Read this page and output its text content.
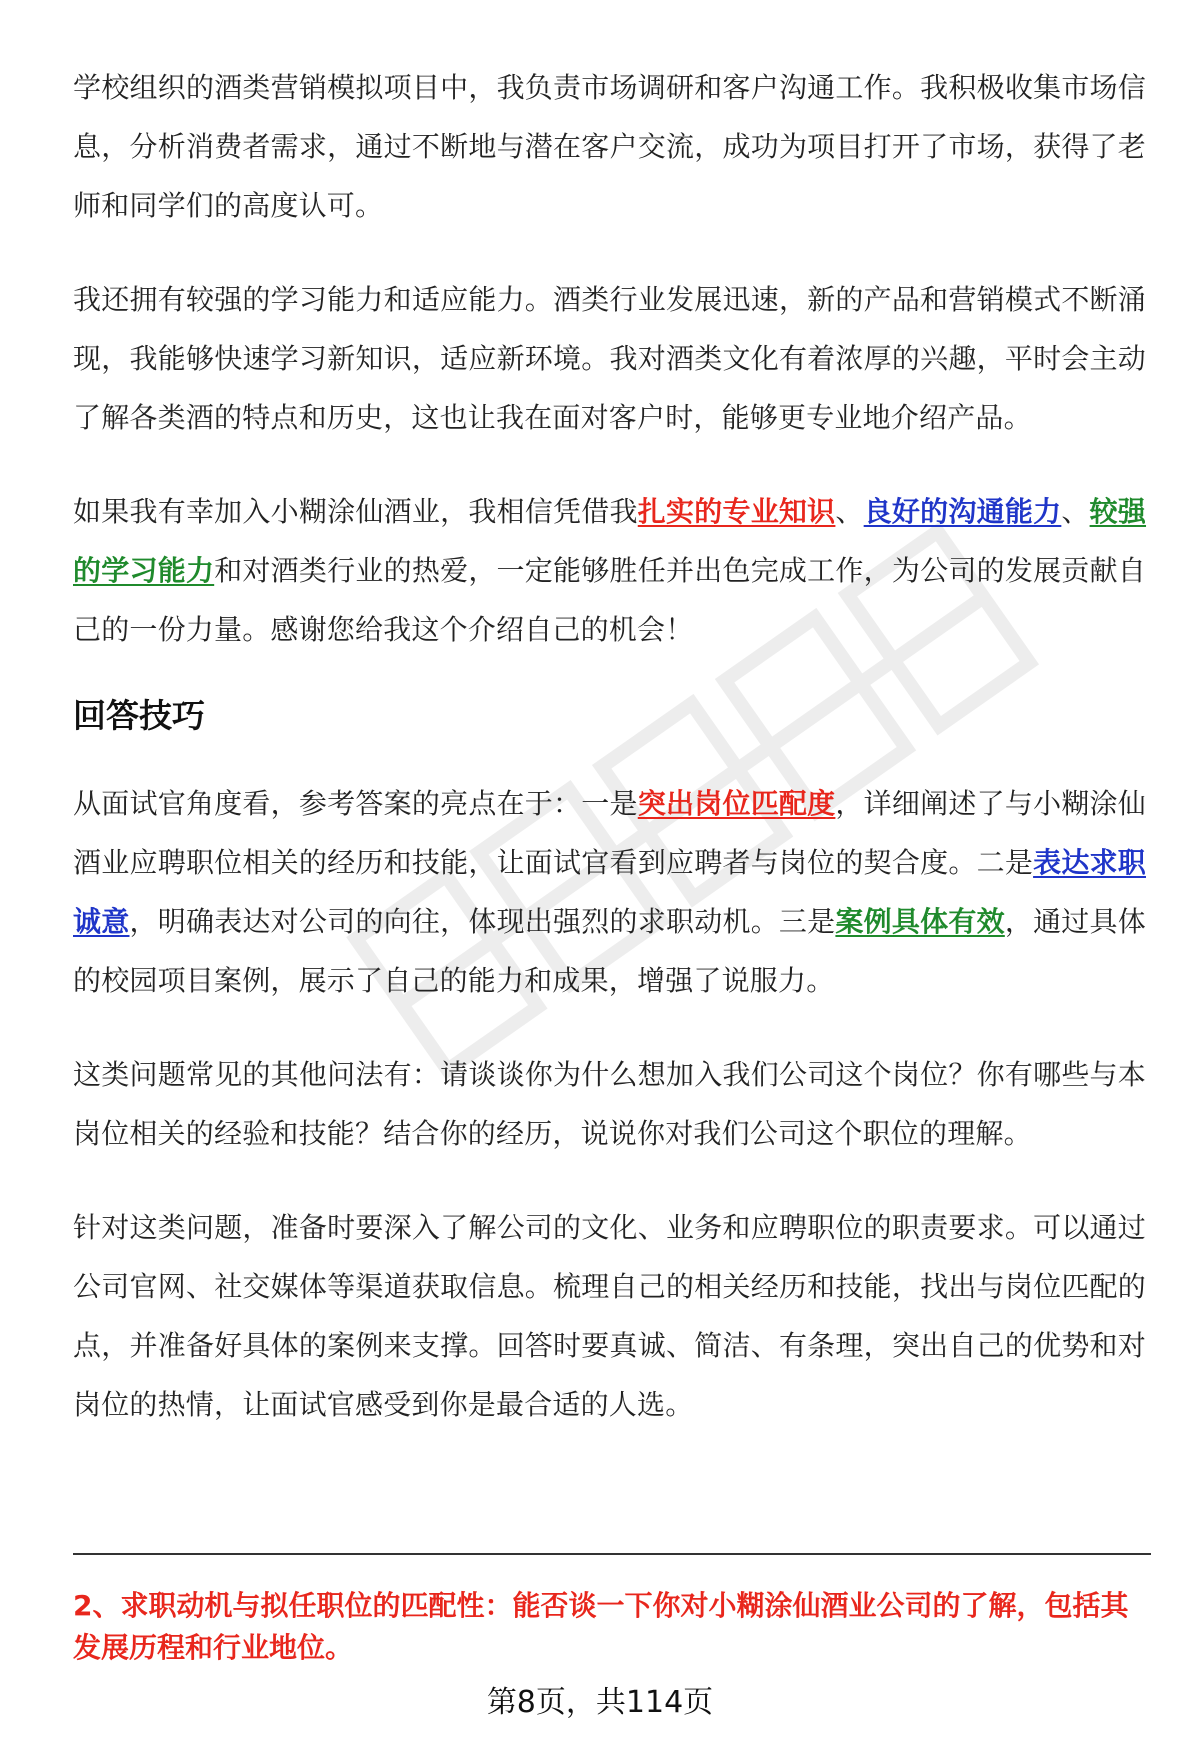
学校组织的酒类营销模拟项目中，我负责市场调研和客户沟通工作。我积极收集市场信息，分析消费者需求，通过不断地与潜在客户交流，成功为项目打开了市场，获得了老师和同学们的高度认可。

我还拥有较强的学习能力和适应能力。酒类行业发展迅速，新的产品和营销模式不断涌现，我能够快速学习新知识，适应新环境。我对酒类文化有着浓厚的兴趣，平时会主动了解各类酒的特点和历史，这也让我在面对客户时，能够更专业地介绍产品。

如果我有幸加入小糊涂仙酒业，我相信凭借我扎实的专业知识、良好的沟通能力、较强的学习能力和对酒类行业的热爱，一定能够胜任并出色完成工作，为公司的发展贡献自己的一份力量。感谢您给我这个介绍自己的机会！

回答技巧

从面试官角度看，参考答案的亮点在于：一是突出岗位匹配度，详细阐述了与小糊涂仙酒业应聘职位相关的经历和技能，让面试官看到应聘者与岗位的契合度。二是表达求职诚意，明确表达对公司的向往，体现出强烈的求职动机。三是案例具体有效，通过具体的校园项目案例，展示了自己的能力和成果，增强了说服力。

这类问题常见的其他问法有：请谈谈你为什么想加入我们公司这个岗位？你有哪些与本岗位相关的经验和技能？结合你的经历，说说你对我们公司这个职位的理解。

针对这类问题，准备时要深入了解公司的文化、业务和应聘职位的职责要求。可以通过公司官网、社交媒体等渠道获取信息。梳理自己的相关经历和技能，找出与岗位匹配的点，并准备好具体的案例来支撑。回答时要真诚、简洁、有条理，突出自己的优势和对岗位的热情，让面试官感受到你是最合适的人选。

2、求职动机与拟任职位的匹配性：能否谈一下你对小糊涂仙酒业公司的了解，包括其发展历程和行业地位。
第8页，共114页
